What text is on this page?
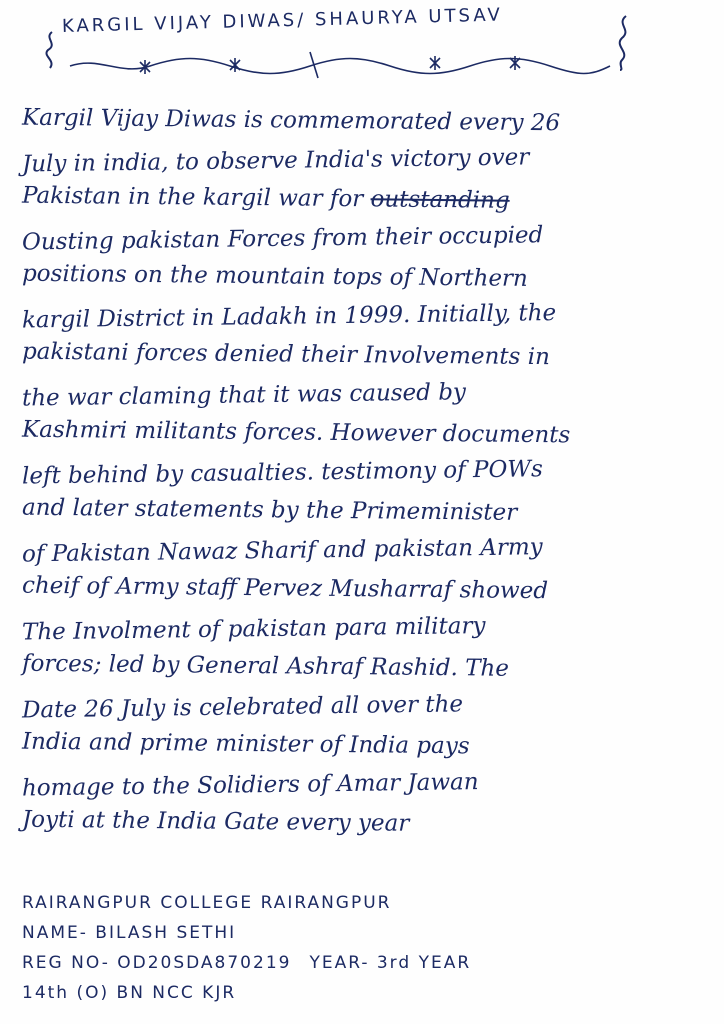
KARGIL VIJAY DIWAS/ SHAURYA UTSAV
Kargil Vijay Diwas is commemorated every 26
July in india, to observe India's victory over
Pakistan in the kargil war for outstanding
Ousting pakistan Forces from their occupied
positions on the mountain tops of Northern
kargil District in Ladakh in 1999. Initially, the
pakistani forces denied their Involvements in
the war claming that it was caused by
Kashmiri militants forces. However documents
left behind by casualties. testimony of POWs
and later statements by the Primeminister
of Pakistan Nawaz Sharif and pakistan Army
cheif of Army staff Pervez Musharraf showed
The Involment of pakistan para military
forces; led by General Ashraf Rashid. The
Date 26 July is celebrated all over the
India and prime minister of India pays
homage to the Solidiers of Amar Jawan
Joyti at the India Gate every year
RAIRANGPUR COLLEGE RAIRANGPUR
NAME- BILASH SETHI
REG NO- OD20SDA870219 YEAR- 3rd YEAR
14th (O) BN NCC KJR
